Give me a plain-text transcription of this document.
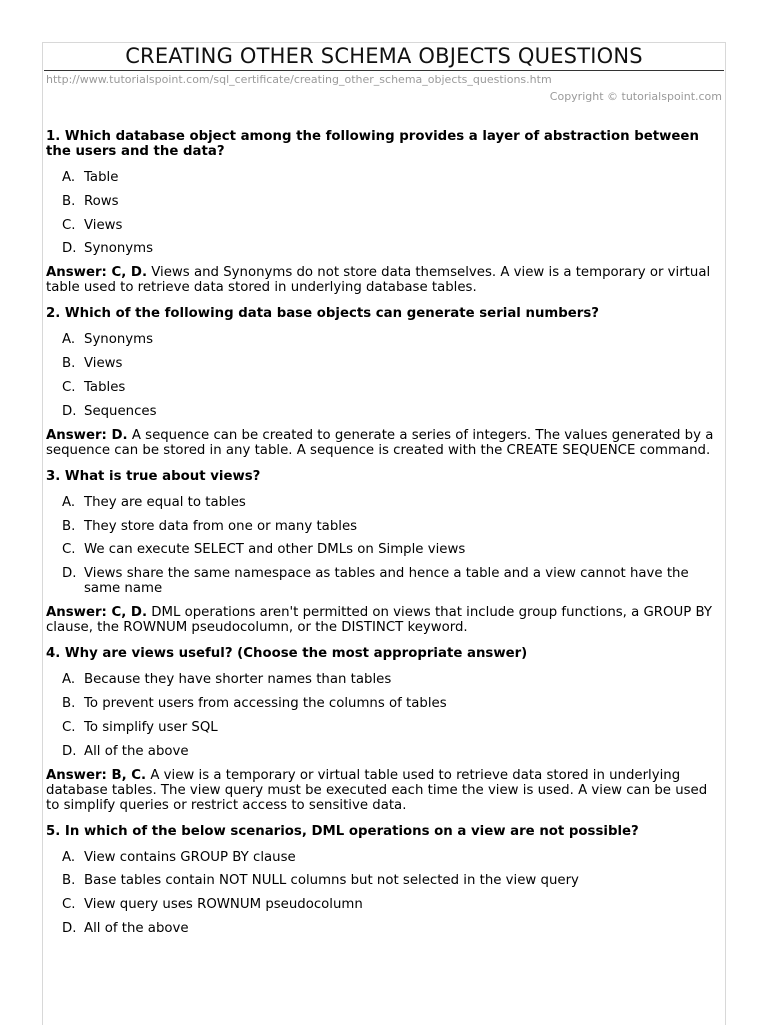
CREATING OTHER SCHEMA OBJECTS QUESTIONS
http://www.tutorialspoint.com/sql_certificate/creating_other_schema_objects_questions.htm
Copyright © tutorialspoint.com
1. Which database object among the following provides a layer of abstraction between the users and the data?
A. Table
B. Rows
C. Views
D. Synonyms
Answer: C, D. Views and Synonyms do not store data themselves. A view is a temporary or virtual table used to retrieve data stored in underlying database tables.
2. Which of the following data base objects can generate serial numbers?
A. Synonyms
B. Views
C. Tables
D. Sequences
Answer: D. A sequence can be created to generate a series of integers. The values generated by a sequence can be stored in any table. A sequence is created with the CREATE SEQUENCE command.
3. What is true about views?
A. They are equal to tables
B. They store data from one or many tables
C. We can execute SELECT and other DMLs on Simple views
D. Views share the same namespace as tables and hence a table and a view cannot have the same name
Answer: C, D. DML operations aren't permitted on views that include group functions, a GROUP BY clause, the ROWNUM pseudocolumn, or the DISTINCT keyword.
4. Why are views useful? (Choose the most appropriate answer)
A. Because they have shorter names than tables
B. To prevent users from accessing the columns of tables
C. To simplify user SQL
D. All of the above
Answer: B, C. A view is a temporary or virtual table used to retrieve data stored in underlying database tables. The view query must be executed each time the view is used. A view can be used to simplify queries or restrict access to sensitive data.
5. In which of the below scenarios, DML operations on a view are not possible?
A. View contains GROUP BY clause
B. Base tables contain NOT NULL columns but not selected in the view query
C. View query uses ROWNUM pseudocolumn
D. All of the above
